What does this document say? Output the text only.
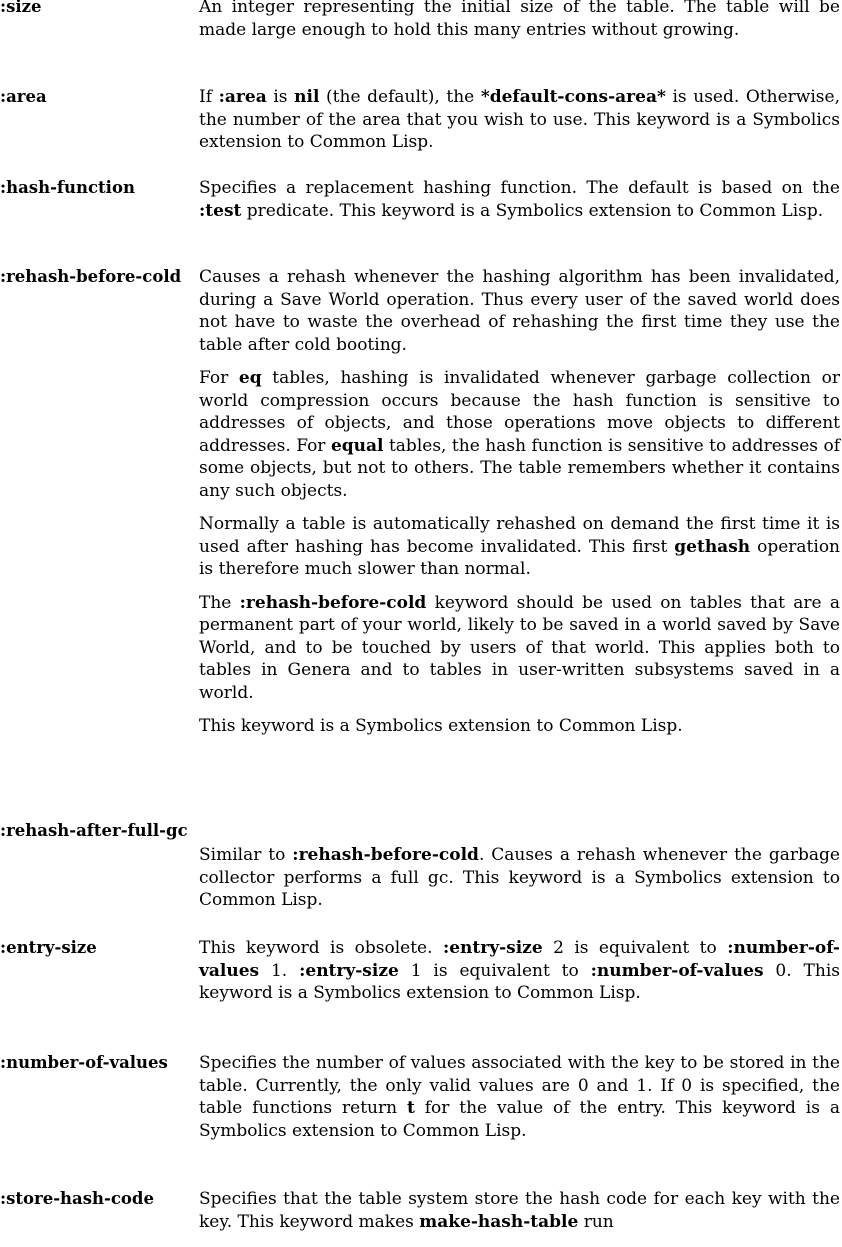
:size	An integer representing the initial size of the table. The table will be made large enough to hold this many entries without growing.

:area	If :area is nil (the default), the *default-cons-area* is used. Otherwise, the number of the area that you wish to use. This keyword is a Symbolics extension to Common Lisp.

:hash-function	Specifies a replacement hashing function. The default is based on the :test predicate. This keyword is a Symbolics extension to Common Lisp.

:rehash-before-cold Causes a rehash whenever the hashing algorithm has been invalidated, during a Save World operation. Thus every user of the saved world does not have to waste the overhead of rehashing the first time they use the table after cold booting.

For eq tables, hashing is invalidated whenever garbage collection or world compression occurs because the hash function is sensitive to addresses of objects, and those operations move objects to different addresses. For equal tables, the hash function is sensitive to addresses of some objects, but not to others. The table remembers whether it contains any such objects.

Normally a table is automatically rehashed on demand the first time it is used after hashing has become invalidated. This first gethash operation is therefore much slower than normal.

The :rehash-before-cold keyword should be used on tables that are a permanent part of your world, likely to be saved in a world saved by Save World, and to be touched by users of that world. This applies both to tables in Genera and to tables in user-written subsystems saved in a world.

This keyword is a Symbolics extension to Common Lisp.

:rehash-after-full-gc

Similar to :rehash-before-cold. Causes a rehash whenever the garbage collector performs a full gc. This keyword is a Symbolics extension to Common Lisp.

:entry-size	This keyword is obsolete. :entry-size 2 is equivalent to :number-of-values 1. :entry-size 1 is equivalent to :number-of-values 0. This keyword is a Symbolics extension to Common Lisp.

:number-of-values Specifies the number of values associated with the key to be stored in the table. Currently, the only valid values are 0 and 1. If 0 is specified, the table functions return t for the value of the entry. This keyword is a Symbolics extension to Common Lisp.

:store-hash-code	Specifies that the table system store the hash code for each key with the key. This keyword makes make-hash-table run
